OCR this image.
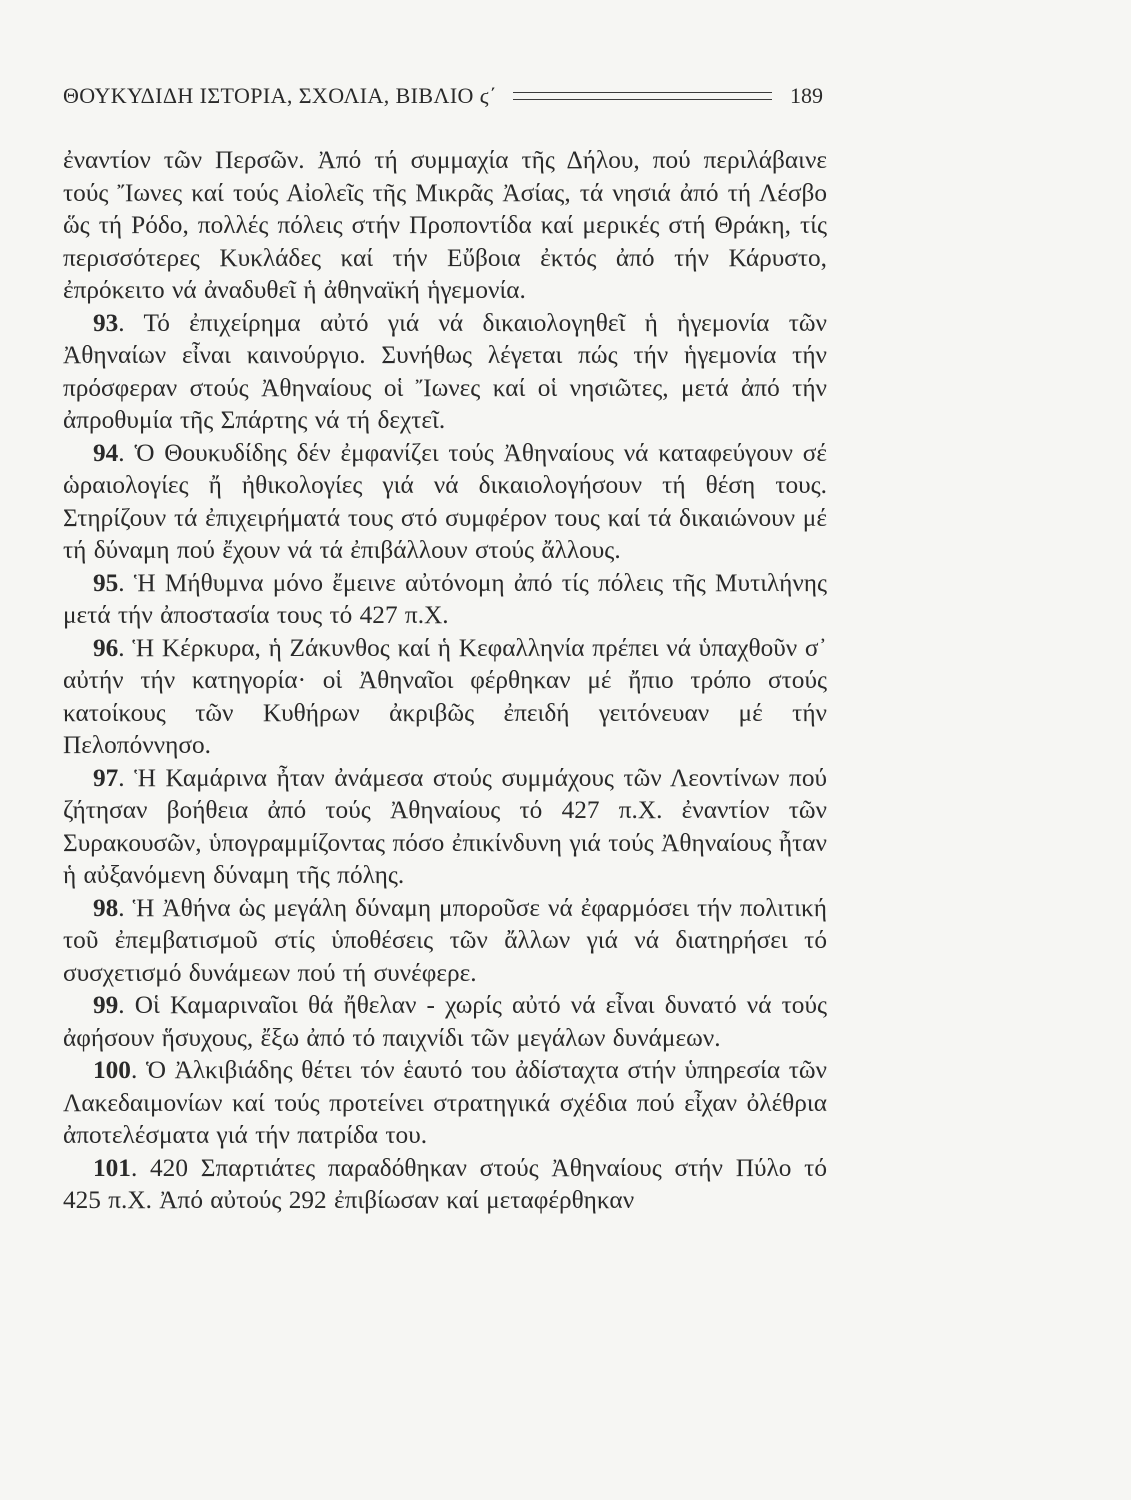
ΘΟΥΚΥΔΙΔΗ ΙΣΤΟΡΙΑ, ΣΧΟΛΙΑ, ΒΙΒΛΙΟ ϛ΄	189

ἐναντίον τῶν Περσῶν. Ἀπό τή συμμαχία τῆς Δήλου, πού περιλάβαινε τούς Ἴωνες καί τούς Αἰολεῖς τῆς Μικρᾶς Ἀσίας, τά νησιά ἀπό τή Λέσβο ὥς τή Ρόδο, πολλές πόλεις στήν Προποντίδα καί μερικές στή Θράκη, τίς περισσότερες Κυκλάδες καί τήν Εὔβοια ἐκτός ἀπό τήν Κάρυστο, ἐπρόκειτο νά ἀναδυθεῖ ἡ ἀθηναϊκή ἡγεμονία.

93. Τό ἐπιχείρημα αὐτό γιά νά δικαιολογηθεῖ ἡ ἡγεμονία τῶν Ἀθηναίων εἶναι καινούργιο. Συνήθως λέγεται πώς τήν ἡγεμονία τήν πρόσφεραν στούς Ἀθηναίους οἱ Ἴωνες καί οἱ νησιῶτες, μετά ἀπό τήν ἀπροθυμία τῆς Σπάρτης νά τή δεχτεῖ.

94. Ὁ Θουκυδίδης δέν ἐμφανίζει τούς Ἀθηναίους νά καταφεύγουν σέ ὡραιολογίες ἤ ἠθικολογίες γιά νά δικαιολογήσουν τή θέση τους. Στηρίζουν τά ἐπιχειρήματά τους στό συμφέρον τους καί τά δικαιώνουν μέ τή δύναμη πού ἔχουν νά τά ἐπιβάλλουν στούς ἄλλους.

95. Ἡ Μήθυμνα μόνο ἔμεινε αὐτόνομη ἀπό τίς πόλεις τῆς Μυτιλήνης μετά τήν ἀποστασία τους τό 427 π.Χ.

96. Ἡ Κέρκυρα, ἡ Ζάκυνθος καί ἡ Κεφαλληνία πρέπει νά ὑπαχθοῦν σ᾽ αὐτήν τήν κατηγορία· οἱ Ἀθηναῖοι φέρθηκαν μέ ἤπιο τρόπο στούς κατοίκους τῶν Κυθήρων ἀκριβῶς ἐπειδή γειτόνευαν μέ τήν Πελοπόννησο.

97. Ἡ Καμάρινα ἦταν ἀνάμεσα στούς συμμάχους τῶν Λεοντίνων πού ζήτησαν βοήθεια ἀπό τούς Ἀθηναίους τό 427 π.Χ. ἐναντίον τῶν Συρακουσῶν, ὑπογραμμίζοντας πόσο ἐπικίνδυνη γιά τούς Ἀθηναίους ἦταν ἡ αὐξανόμενη δύναμη τῆς πόλης.

98. Ἡ Ἀθήνα ὡς μεγάλη δύναμη μποροῦσε νά ἐφαρμόσει τήν πολιτική τοῦ ἐπεμβατισμοῦ στίς ὑποθέσεις τῶν ἄλλων γιά νά διατηρήσει τό συσχετισμό δυνάμεων πού τή συνέφερε.

99. Οἱ Καμαριναῖοι θά ἤθελαν - χωρίς αὐτό νά εἶναι δυνατό νά τούς ἀφήσουν ἥσυχους, ἔξω ἀπό τό παιχνίδι τῶν μεγάλων δυνάμεων.

100. Ὁ Ἀλκιβιάδης θέτει τόν ἑαυτό του ἀδίσταχτα στήν ὑπηρεσία τῶν Λακεδαιμονίων καί τούς προτείνει στρατηγικά σχέδια πού εἶχαν ὀλέθρια ἀποτελέσματα γιά τήν πατρίδα του.

101. 420 Σπαρτιάτες παραδόθηκαν στούς Ἀθηναίους στήν Πύλο τό 425 π.Χ. Ἀπό αὐτούς 292 ἐπιβίωσαν καί μεταφέρθηκαν
